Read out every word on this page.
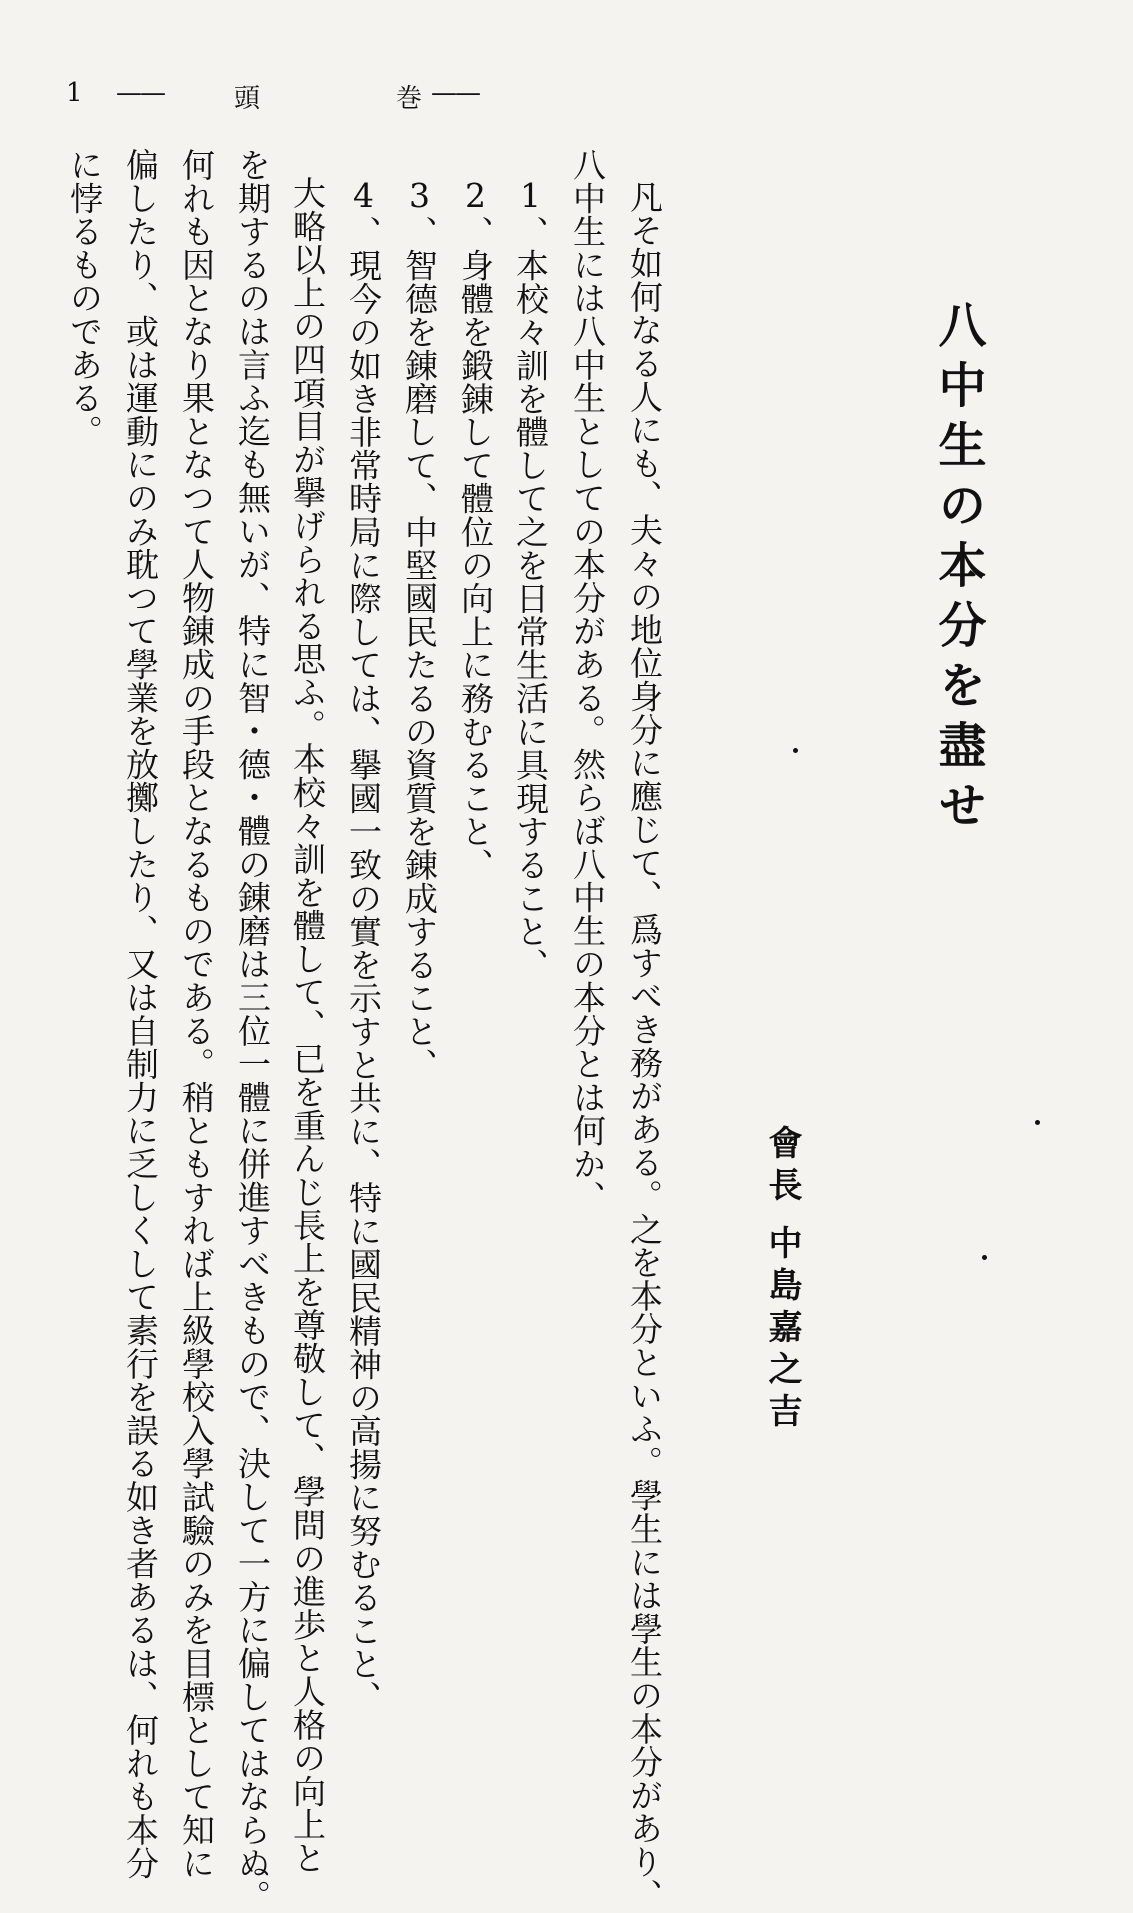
1 ——	頭	巻 ——
八中生の本分を盡せ
會長
中島嘉之吉
凡そ如何なる人にも、夫々の地位身分に應じて、爲すべき務がある。之を本分といふ。學生には學生の本分があり、
八中生には八中生としての本分がある。然らば八中生の本分とは何か、
1、本校々訓を體して之を日常生活に具現すること、
2、身體を鍛錬して體位の向上に務むること、
3、智德を錬磨して、中堅國民たるの資質を錬成すること、
4、現今の如き非常時局に際しては、擧國一致の實を示すと共に、特に國民精神の高揚に努むること、
大略以上の四項目が擧げられる思ふ。本校々訓を體して、已を重んじ長上を尊敬して、學問の進歩と人格の向上と
を期するのは言ふ迄も無いが、特に智・德・體の錬磨は三位一體に併進すべきもので、決して一方に偏してはならぬ。
何れも因となり果となつて人物錬成の手段となるものである。稍ともすれば上級學校入學試驗のみを目標として知に
偏したり、或は運動にのみ耽つて學業を放擲したり、又は自制力に乏しくして素行を誤る如き者あるは、何れも本分
に悖るものである。
